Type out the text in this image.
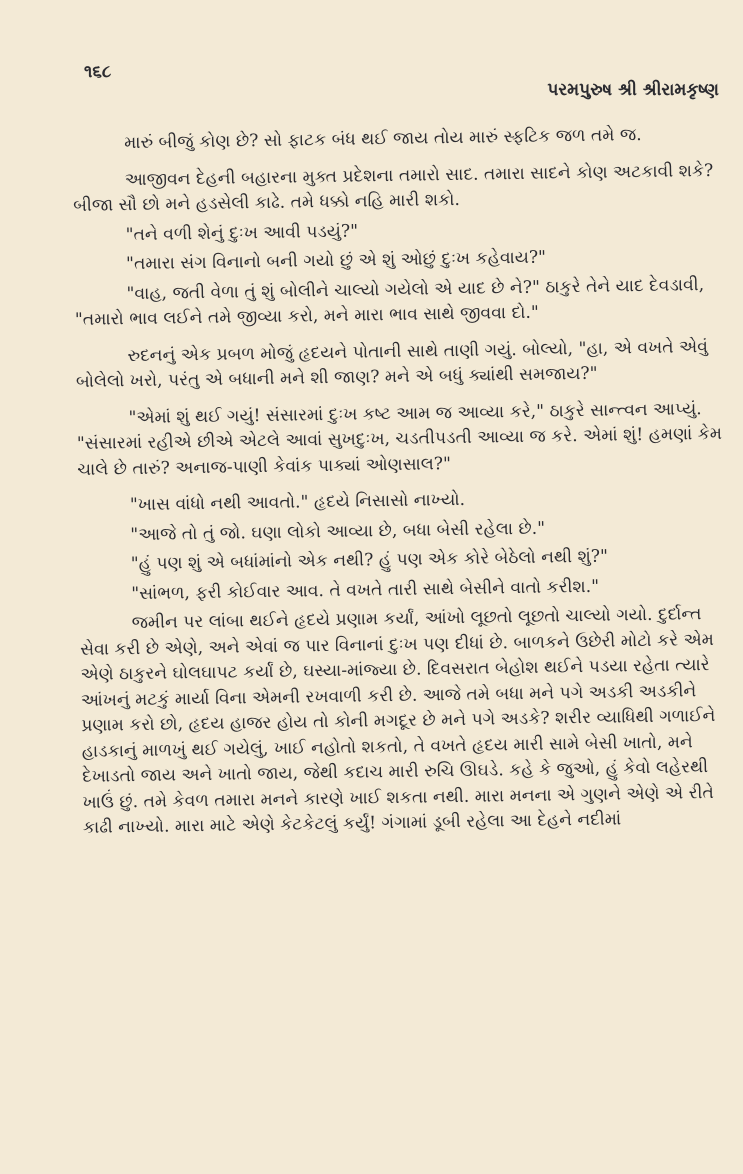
૧૬૮
પરમપુરુષ શ્રી શ્રીરામકૃષ્ણ

મારું બીજું કોણ છે? સો ફાટક બંધ થઈ જાય તોય મારું સ્ફટિક જળ તમે જ.

આજીવન દેહની બહારના મુક્ત પ્રદેશના તમારો સાદ. તમારા સાદને કોણ અટકાવી શકે? બીજા સૌ છો મને હડસેલી કાઢે. તમે ધક્કો નહિ મારી શકો.

"તને વળી શેનું દુઃખ આવી પડયું?"

"તમારા સંગ વિનાનો બની ગયો છું એ શું ઓછું દુઃખ કહેવાય?"

"વાહ, જતી વેળા તું શું બોલીને ચાલ્યો ગયેલો એ યાદ છે ને?" ઠાકુરે તેને યાદ દેવડાવી, "તમારો ભાવ લઈને તમે જીવ્યા કરો, મને મારા ભાવ સાથે જીવવા દો."

રુદનનું એક પ્રબળ મોજું હૃદયને પોતાની સાથે તાણી ગયું. બોલ્યો, "હા, એ વખતે એવું બોલેલો ખરો, પરંતુ એ બધાની મને શી જાણ? મને એ બધું ક્યાંથી સમજાય?"

"એમાં શું થઈ ગયું! સંસારમાં દુઃખ કષ્ટ આમ જ આવ્યા કરે," ઠાકુરે સાન્ત્વન આપ્યું. "સંસારમાં રહીએ છીએ એટલે આવાં સુખદુઃખ, ચડતીપડતી આવ્યા જ કરે. એમાં શું! હમણાં કેમ ચાલે છે તારું? અનાજ-પાણી કેવાંક પાક્યાં ઓણસાલ?"

"ખાસ વાંધો નથી આવતો." હૃદયે નિસાસો નાખ્યો.

"આજે તો તું જો. ઘણા લોકો આવ્યા છે, બધા બેસી રહેલા છે."

"હું પણ શું એ બધાંમાંનો એક નથી? હું પણ એક કોરે બેઠેલો નથી શું?"

"સાંભળ, ફરી કોઈવાર આવ. તે વખતે તારી સાથે બેસીને વાતો કરીશ."

જમીન પર લાંબા થઈને હૃદયે પ્રણામ કર્યાં, આંખો લૂછતો લૂછતો ચાલ્યો ગયો. દુર્દાન્ત સેવા કરી છે એણે, અને એવાં જ પાર વિનાનાં દુઃખ પણ દીધાં છે. બાળકને ઉછેરી મોટો કરે એમ એણે ઠાકુરને ઘોલઘાપટ કર્યાં છે, ઘસ્યા-માંજ્યા છે. દિવસરાત બેહોશ થઈને પડયા રહેતા ત્યારે આંખનું મટકું માર્યા વિના એમની રખવાળી કરી છે. આજે તમે બધા મને પગે અડકી અડકીને પ્રણામ કરો છો, હૃદય હાજર હોય તો કોની મગદૂર છે મને પગે અડકે? શરીર વ્યાધિથી ગળાઈને હાડકાનું માળખું થઈ ગયેલું, ખાઈ નહોતો શકતો, તે વખતે હૃદય મારી સામે બેસી ખાતો, મને દેખાડતો જાય અને ખાતો જાય, જેથી કદાચ મારી રુચિ ઊઘડે. કહે કે જુઓ, હું કેવો લહેરથી ખાઉં છું. તમે કેવળ તમારા મનને કારણે ખાઈ શકતા નથી. મારા મનના એ ગુણને એણે એ રીતે કાઢી નાખ્યો. મારા માટે એણે કેટકેટલું કર્યું! ગંગામાં ડૂબી રહેલા આ દેહને નદીમાં
